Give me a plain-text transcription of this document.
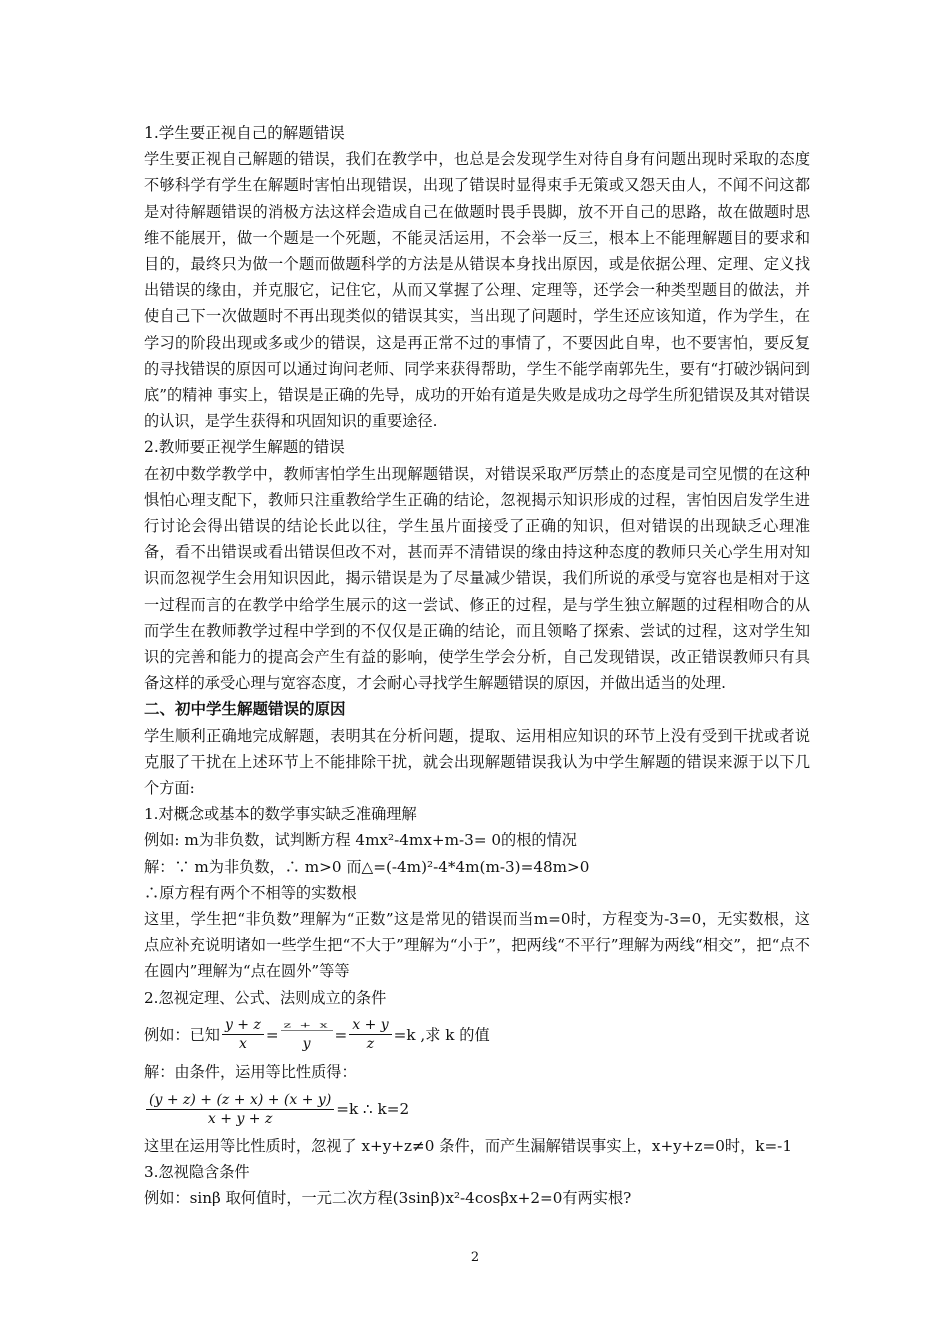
1.学生要正视自己的解题错误
学生要正视自己解题的错误，我们在教学中，也总是会发现学生对待自身有问题出现时采取的态度不够科学有学生在解题时害怕出现错误，出现了错误时显得束手无策或又怨天由人，不闻不问这都是对待解题错误的消极方法这样会造成自己在做题时畏手畏脚，放不开自己的思路，故在做题时思维不能展开，做一个题是一个死题，不能灵活运用，不会举一反三，根本上不能理解题目的要求和目的，最终只为做一个题而做题科学的方法是从错误本身找出原因，或是依据公理、定理、定义找出错误的缘由，并克服它，记住它，从而又掌握了公理、定理等，还学会一种类型题目的做法，并使自己下一次做题时不再出现类似的错误其实，当出现了问题时，学生还应该知道，作为学生，在学习的阶段出现或多或少的错误，这是再正常不过的事情了，不要因此自卑，也不要害怕，要反复的寻找错误的原因可以通过询问老师、同学来获得帮助，学生不能学南郭先生，要有“打破沙锅问到底”的精神 事实上，错误是正确的先导，成功的开始有道是失败是成功之母学生所犯错误及其对错误的认识，是学生获得和巩固知识的重要途径.
2.教师要正视学生解题的错误
在初中数学教学中，教师害怕学生出现解题错误，对错误采取严厉禁止的态度是司空见惯的在这种惧怕心理支配下，教师只注重教给学生正确的结论，忽视揭示知识形成的过程，害怕因启发学生进行讨论会得出错误的结论长此以往，学生虽片面接受了正确的知识，但对错误的出现缺乏心理准备，看不出错误或看出错误但改不对，甚而弄不清错误的缘由持这种态度的教师只关心学生用对知识而忽视学生会用知识因此，揭示错误是为了尽量减少错误，我们所说的承受与宽容也是相对于这一过程而言的在教学中给学生展示的这一尝试、修正的过程，是与学生独立解题的过程相吻合的从而学生在教师教学过程中学到的不仅仅是正确的结论，而且领略了探索、尝试的过程，这对学生知识的完善和能力的提高会产生有益的影响，使学生学会分析，自己发现错误，改正错误教师只有具备这样的承受心理与宽容态度，才会耐心寻找学生解题错误的原因，并做出适当的处理.
二、初中学生解题错误的原因
学生顺利正确地完成解题，表明其在分析问题，提取、运用相应知识的环节上没有受到干扰或者说克服了干扰在上述环节上不能排除干扰，就会出现解题错误我认为中学生解题的错误来源于以下几个方面:
1.对概念或基本的数学事实缺乏准确理解
例如: m为非负数，试判断方程 4mx²-4mx+m-3= 0的根的情况
解：∵ m为非负数，∴ m>0 而△=(-4m)²-4*4m(m-3)=48m>0
∴原方程有两个不相等的实数根
这里，学生把“非负数”理解为“正数”这是常见的错误而当m=0时，方程变为-3=0，无实数根，这点应补充说明诸如一些学生把“不大于”理解为“小于”，把两线“不平行”理解为两线“相交”，把“点不在圆内”理解为“点在圆外”等等
2.忽视定理、公式、法则成立的条件
例如：已知 $\frac{y + z}{x} = \frac{z + x}{y} = \frac{x + y}{z} =k$ ,求 k 的值
解：由条件，运用等比性质得：
$\frac{(y + z) + (z + x) + (x + y)}{x + y + z} =k$ ∴ k=2
这里在运用等比性质时，忽视了 x+y+z≠0 条件，而产生漏解错误事实上，x+y+z=0时，k=-1
3.忽视隐含条件
例如：sinβ 取何值时，一元二次方程(3sinβ)x²-4cosβx+2=0有两实根?
2
